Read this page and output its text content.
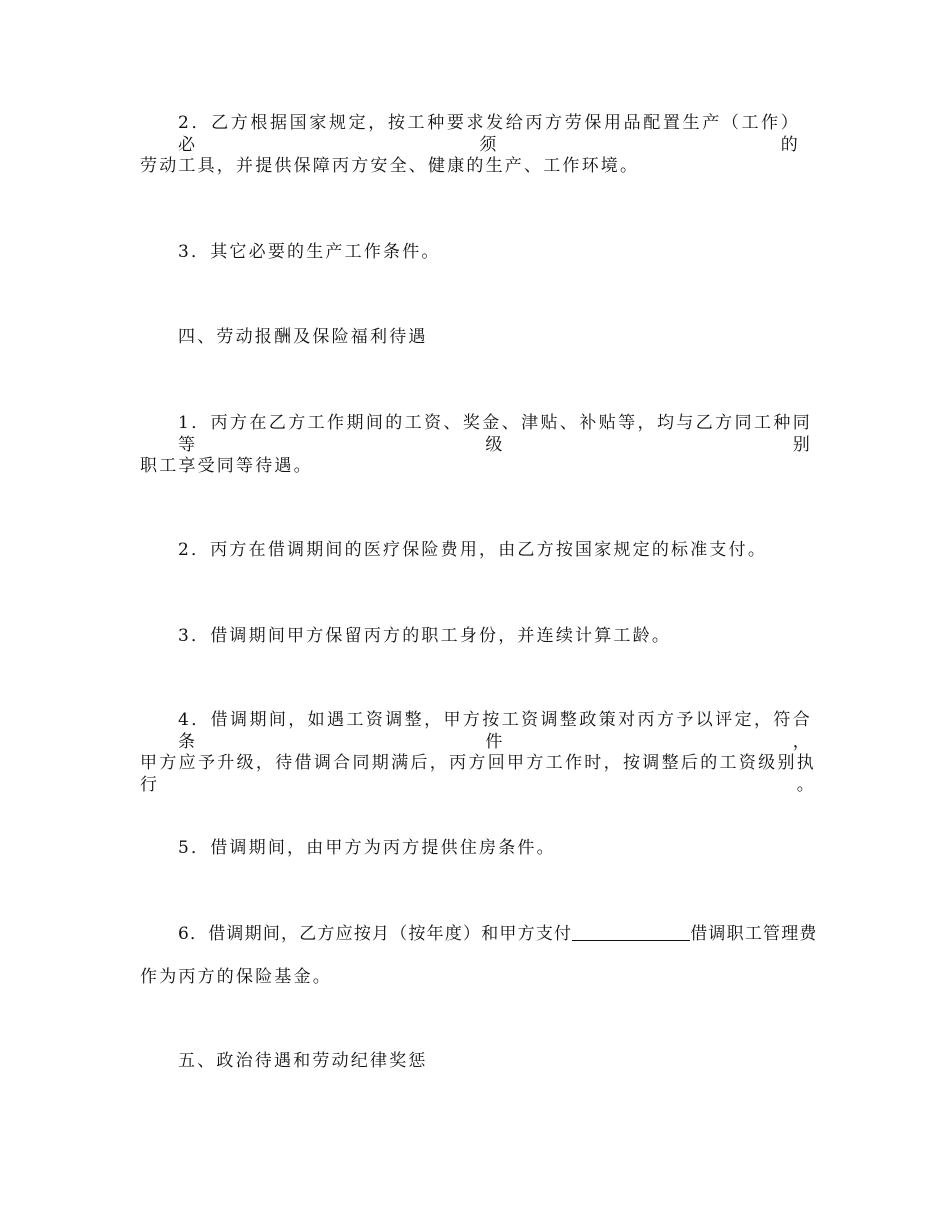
2．乙方根据国家规定，按工种要求发给丙方劳保用品配置生产（工作）必须的
劳动工具，并提供保障丙方安全、健康的生产、工作环境。
3．其它必要的生产工作条件。
四、劳动报酬及保险福利待遇
1．丙方在乙方工作期间的工资、奖金、津贴、补贴等，均与乙方同工种同等级别
职工享受同等待遇。
2．丙方在借调期间的医疗保险费用，由乙方按国家规定的标准支付。
3．借调期间甲方保留丙方的职工身份，并连续计算工龄。
4．借调期间，如遇工资调整，甲方按工资调整政策对丙方予以评定，符合条件，
甲方应予升级，待借调合同期满后，丙方回甲方工作时，按调整后的工资级别执行。
5．借调期间，由甲方为丙方提供住房条件。
6．借调期间，乙方应按月（按年度）和甲方支付	借调职工管理费
作为丙方的保险基金。
五、政治待遇和劳动纪律奖惩
